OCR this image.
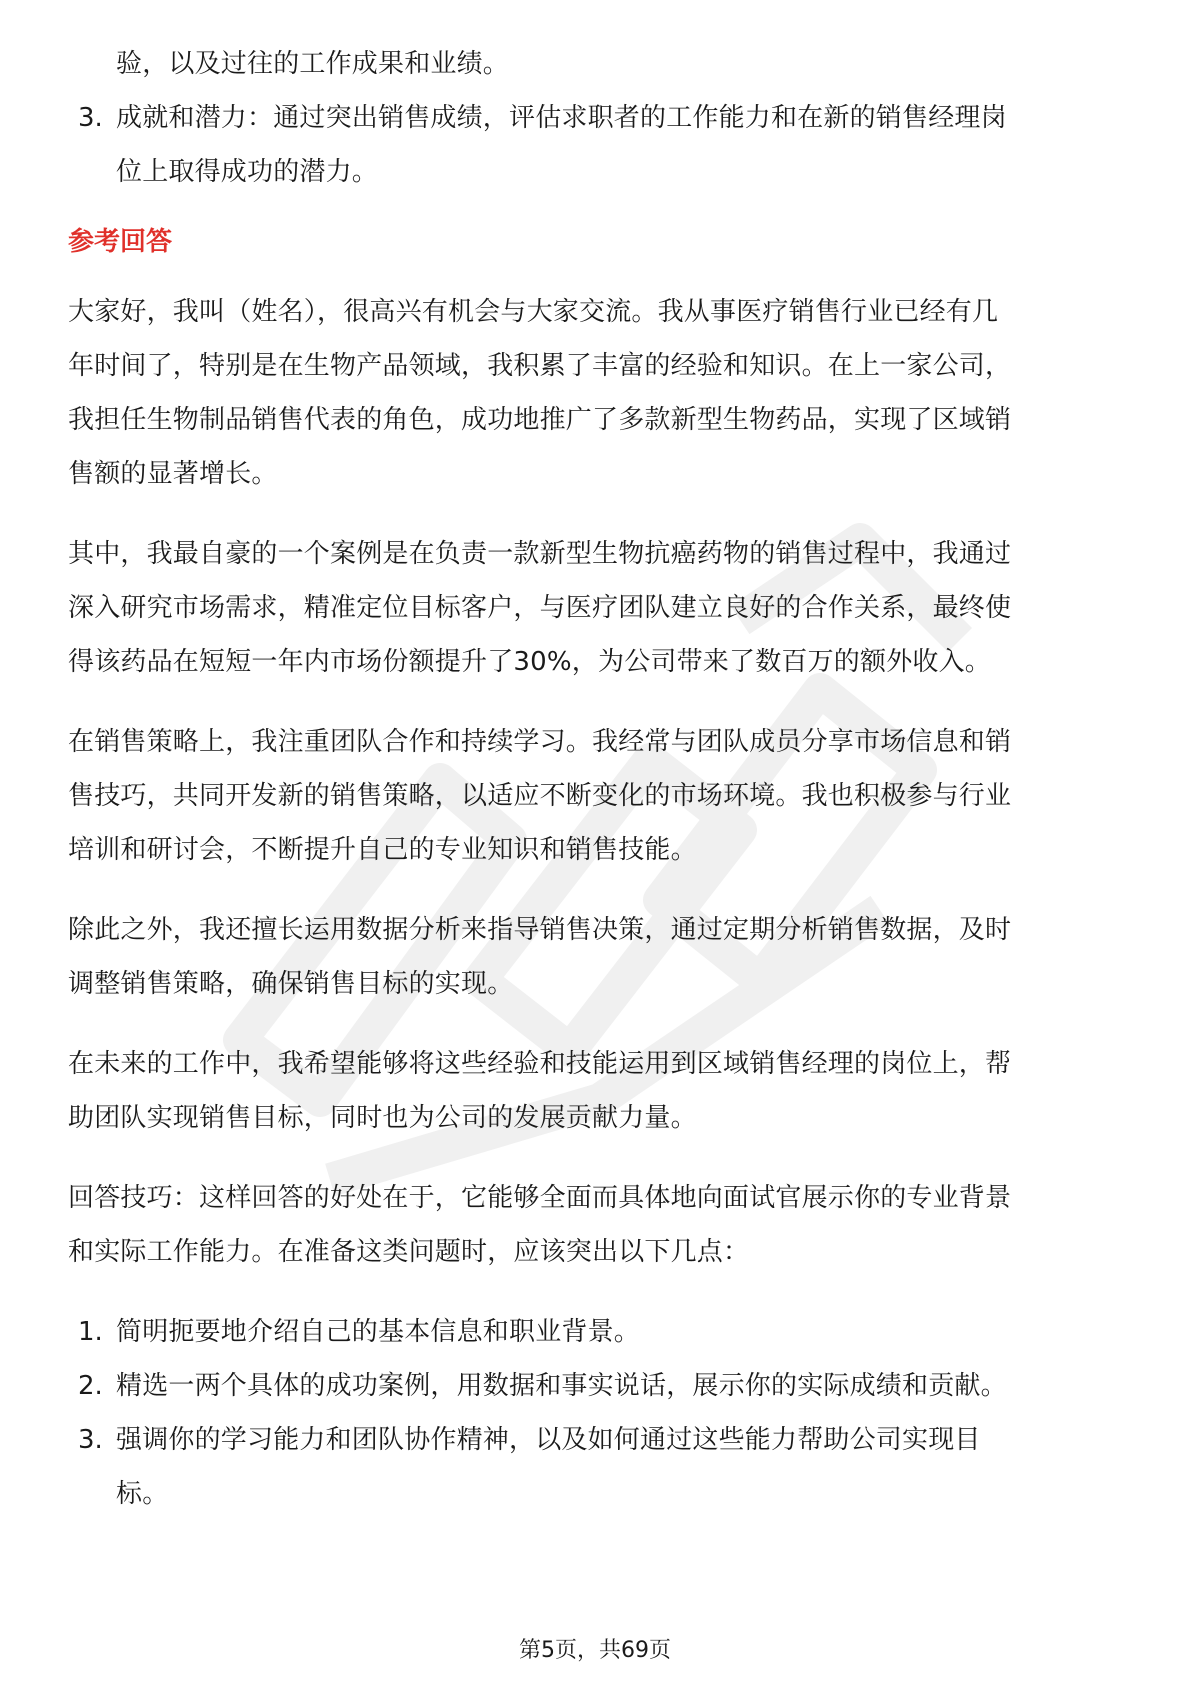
验，以及过往的工作成果和业绩。
3. 成就和潜力：通过突出销售成绩，评估求职者的工作能力和在新的销售经理岗
位上取得成功的潜力。
参考回答
大家好，我叫（姓名），很高兴有机会与大家交流。我从事医疗销售行业已经有几
年时间了，特别是在生物产品领域，我积累了丰富的经验和知识。在上一家公司，
我担任生物制品销售代表的角色，成功地推广了多款新型生物药品，实现了区域销
售额的显著增长。
其中，我最自豪的一个案例是在负责一款新型生物抗癌药物的销售过程中，我通过
深入研究市场需求，精准定位目标客户，与医疗团队建立良好的合作关系，最终使
得该药品在短短一年内市场份额提升了30%，为公司带来了数百万的额外收入。
在销售策略上，我注重团队合作和持续学习。我经常与团队成员分享市场信息和销
售技巧，共同开发新的销售策略，以适应不断变化的市场环境。我也积极参与行业
培训和研讨会，不断提升自己的专业知识和销售技能。
除此之外，我还擅长运用数据分析来指导销售决策，通过定期分析销售数据，及时
调整销售策略，确保销售目标的实现。
在未来的工作中，我希望能够将这些经验和技能运用到区域销售经理的岗位上，帮
助团队实现销售目标，同时也为公司的发展贡献力量。
回答技巧：这样回答的好处在于，它能够全面而具体地向面试官展示你的专业背景
和实际工作能力。在准备这类问题时，应该突出以下几点：
1. 简明扼要地介绍自己的基本信息和职业背景。
2. 精选一两个具体的成功案例，用数据和事实说话，展示你的实际成绩和贡献。
3. 强调你的学习能力和团队协作精神，以及如何通过这些能力帮助公司实现目
标。
第5页，共69页
